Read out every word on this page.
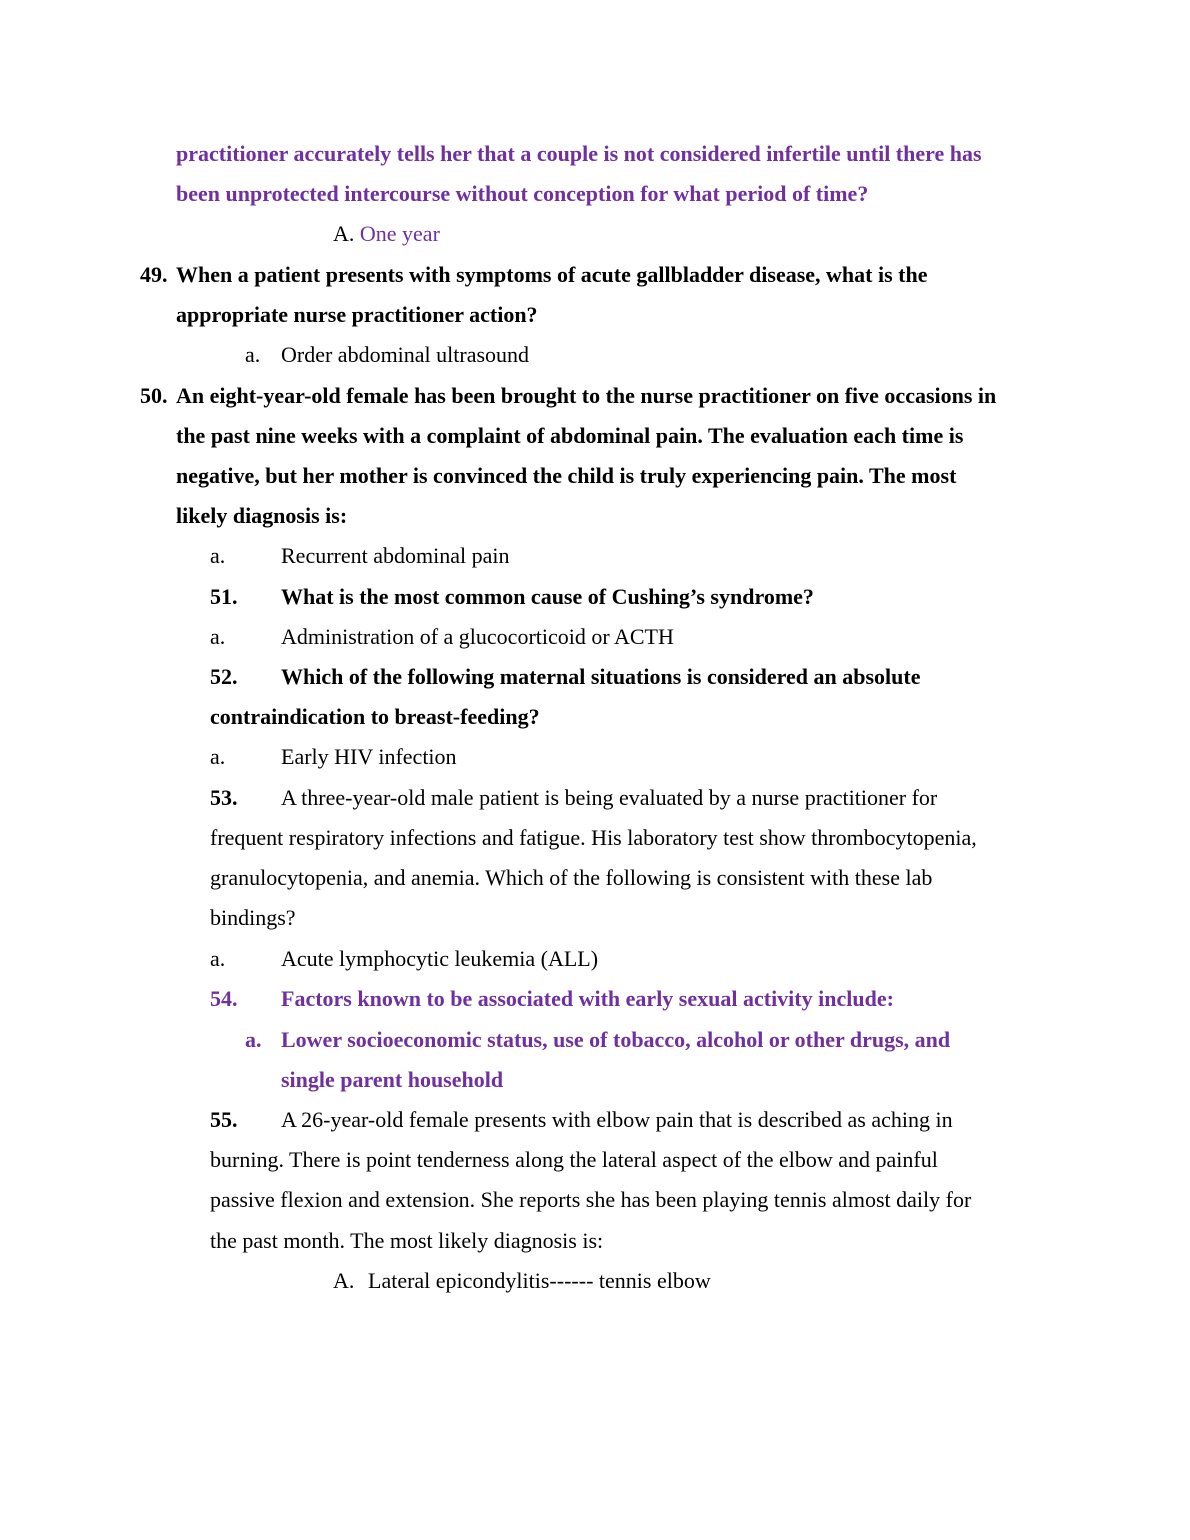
practitioner accurately tells her that a couple is not considered infertile until there has
been unprotected intercourse without conception for what period of time?
A. One year
49. When a patient presents with symptoms of acute gallbladder disease, what is the
appropriate nurse practitioner action?
a. Order abdominal ultrasound
50. An eight-year-old female has been brought to the nurse practitioner on five occasions in
the past nine weeks with a complaint of abdominal pain. The evaluation each time is
negative, but her mother is convinced the child is truly experiencing pain. The most
likely diagnosis is:
a.	Recurrent abdominal pain
51. What is the most common cause of Cushing’s syndrome?
a.	Administration of a glucocorticoid or ACTH
52. Which of the following maternal situations is considered an absolute
contraindication to breast-feeding?
a.	Early HIV infection
53. A three-year-old male patient is being evaluated by a nurse practitioner for
frequent respiratory infections and fatigue. His laboratory test show thrombocytopenia,
granulocytopenia, and anemia. Which of the following is consistent with these lab
bindings?
a.	Acute lymphocytic leukemia (ALL)
54. Factors known to be associated with early sexual activity include:
a. Lower socioeconomic status, use of tobacco, alcohol or other drugs, and
single parent household
55. A 26-year-old female presents with elbow pain that is described as aching in
burning. There is point tenderness along the lateral aspect of the elbow and painful
passive flexion and extension. She reports she has been playing tennis almost daily for
the past month. The most likely diagnosis is:
A. Lateral epicondylitis------ tennis elbow
